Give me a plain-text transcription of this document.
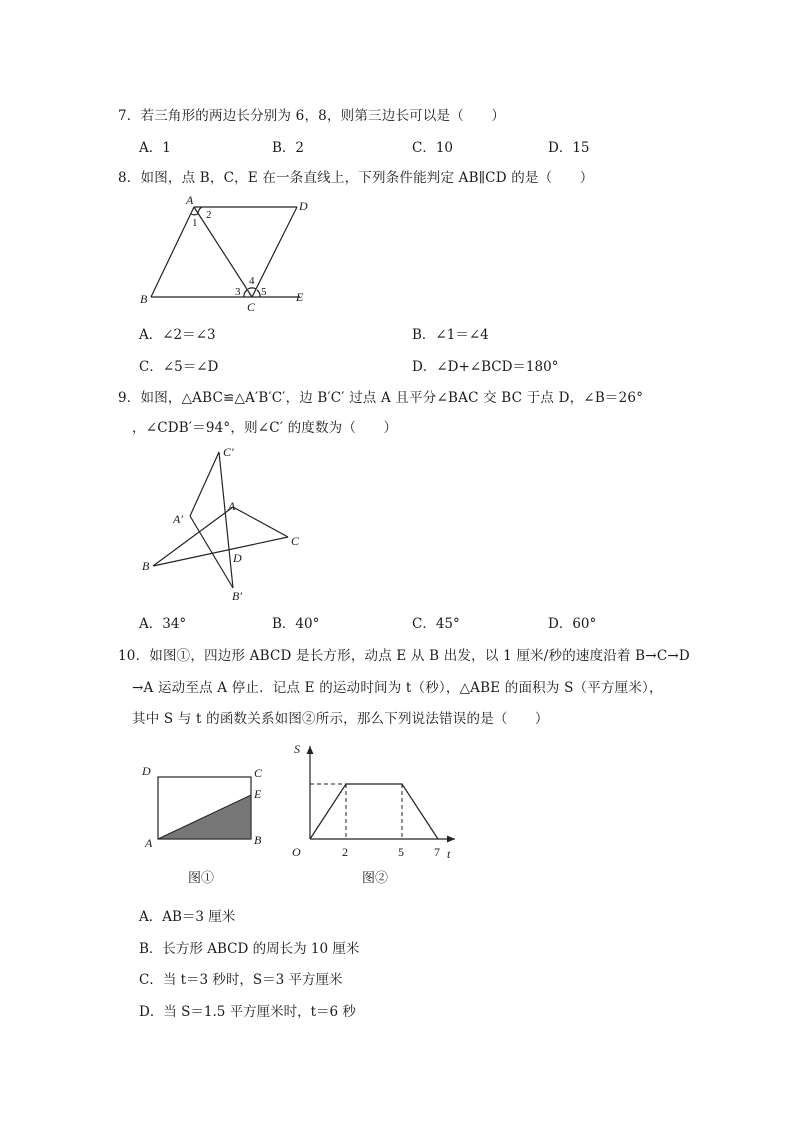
7．若三角形的两边长分别为 6，8，则第三边长可以是（　　）
A．1	B．2	C．10	D．15
8．如图，点 B，C，E 在一条直线上，下列条件能判定 AB∥CD 的是（　　）
A	D
B
C
E
2
1
3
4
5
A．∠2＝∠3	B．∠1＝∠4
C．∠5＝∠D	D．∠D+∠BCD＝180°
9．如图，△ABC≌△A′B′C′，边 B′C′ 过点 A 且平分∠BAC 交 BC 于点 D，∠B＝26°
，∠CDB′＝94°，则∠C′ 的度数为（　　）
C′
A′
A
C
B
D
B′
A．34°	B．40°	C．45°	D．60°
10．如图①，四边形 ABCD 是长方形，动点 E 从 B 出发，以 1 厘米/秒的速度沿着 B→C→D
→A 运动至点 A 停止．记点 E 的运动时间为 t（秒），△ABE 的面积为 S（平方厘米），
其中 S 与 t 的函数关系如图②所示，那么下列说法错误的是（　　）
D	C
E
A	B
图①
S
O	t
2	5	7
图②
A．AB＝3 厘米
B．长方形 ABCD 的周长为 10 厘米
C．当 t＝3 秒时，S＝3 平方厘米
D．当 S＝1.5 平方厘米时，t＝6 秒
